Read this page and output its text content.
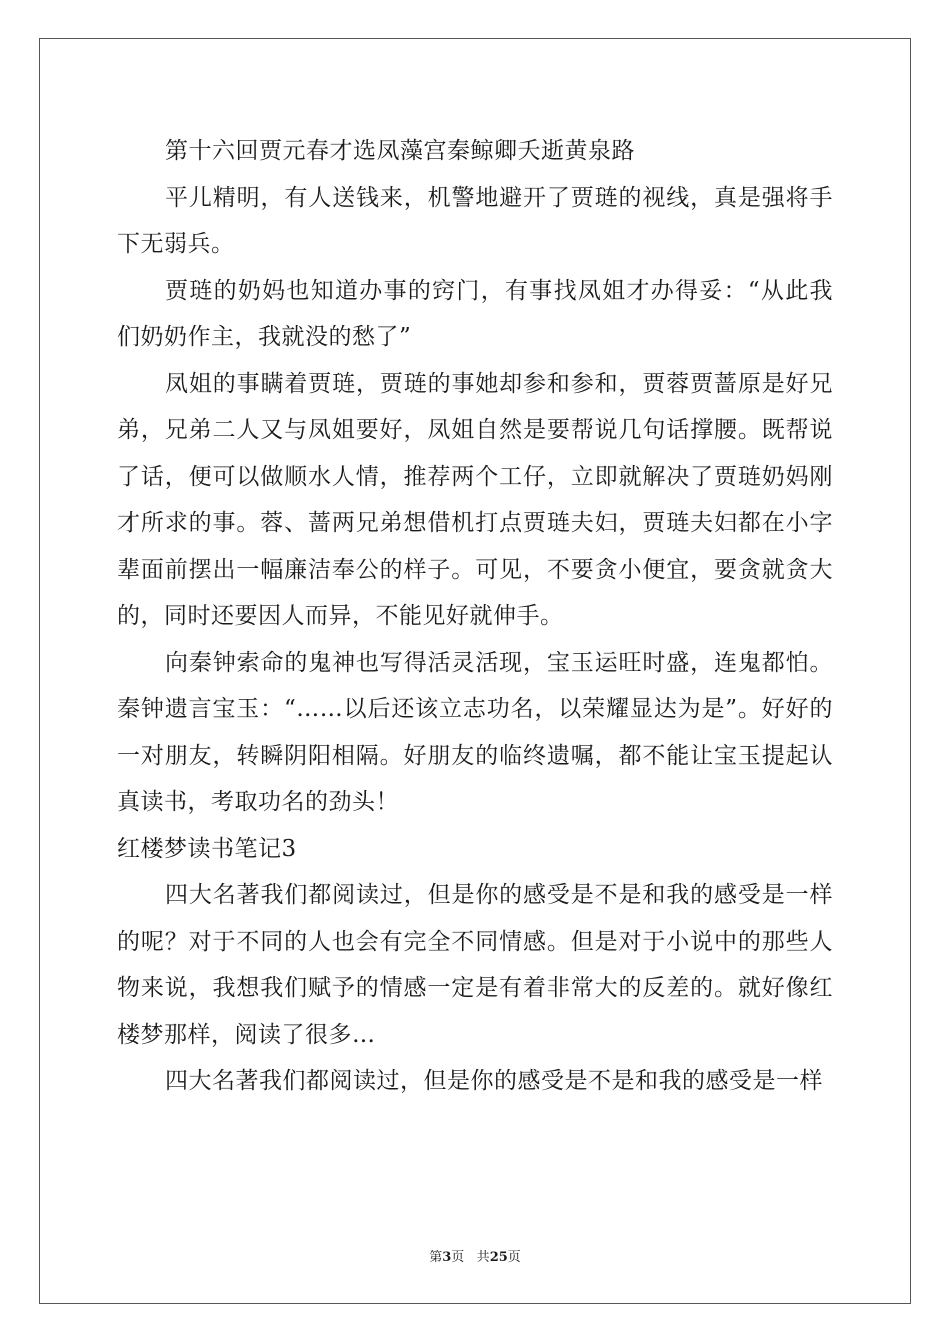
第十六回贾元春才选凤藻宫秦鲸卿夭逝黄泉路

平儿精明，有人送钱来，机警地避开了贾琏的视线，真是强将手下无弱兵。

贾琏的奶妈也知道办事的窍门，有事找凤姐才办得妥：“从此我们奶奶作主，我就没的愁了”

凤姐的事瞒着贾琏，贾琏的事她却参和参和，贾蓉贾蔷原是好兄弟，兄弟二人又与凤姐要好，凤姐自然是要帮说几句话撑腰。既帮说了话，便可以做顺水人情，推荐两个工仔，立即就解决了贾琏奶妈刚才所求的事。蓉、蔷两兄弟想借机打点贾琏夫妇，贾琏夫妇都在小字辈面前摆出一幅廉洁奉公的样子。可见，不要贪小便宜，要贪就贪大的，同时还要因人而异，不能见好就伸手。

向秦钟索命的鬼神也写得活灵活现，宝玉运旺时盛，连鬼都怕。秦钟遗言宝玉：“……以后还该立志功名，以荣耀显达为是”。好好的一对朋友，转瞬阴阳相隔。好朋友的临终遗嘱，都不能让宝玉提起认真读书，考取功名的劲头！

红楼梦读书笔记3

四大名著我们都阅读过，但是你的感受是不是和我的感受是一样的呢？对于不同的人也会有完全不同情感。但是对于小说中的那些人物来说，我想我们赋予的情感一定是有着非常大的反差的。就好像红楼梦那样，阅读了很多…

四大名著我们都阅读过，但是你的感受是不是和我的感受是一样

第3页 共25页
